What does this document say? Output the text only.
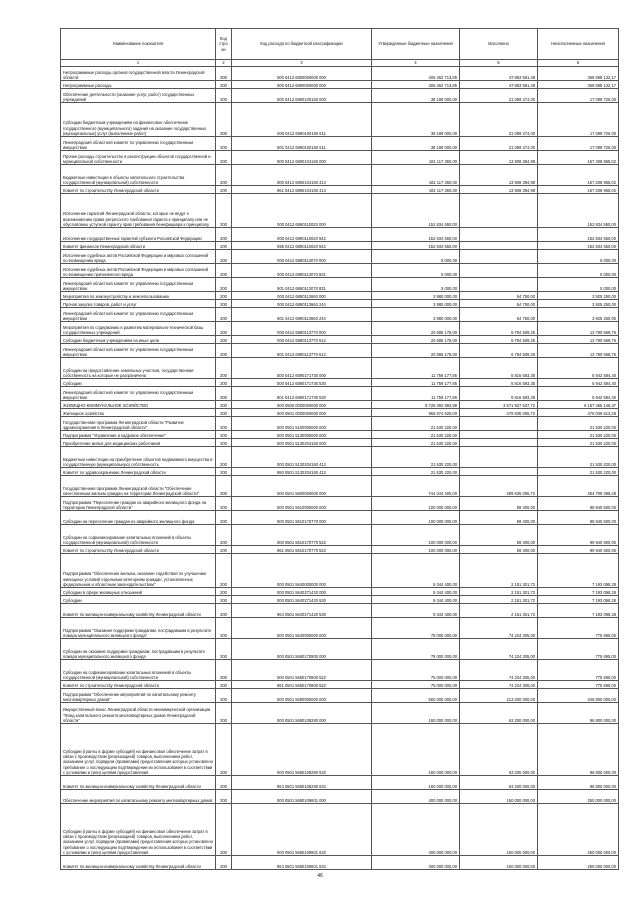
Наименование показателя	Код стро ки	Код расхода по бюджетной классификации	Утвержденные бюджетные назначения	Исполнено	Неисполненные назначения
1	2	3	4	5	6
Непрограммные расходы органов государственной власти Ленинградской области	200	000 0412 6800000000 000	406 462 713,85	47 863 581,48	358 598 132,17
Непрограммные расходы	200	000 0412 6890000000 000	406 462 713,85	47 863 581,48	358 598 132,17
Обеспечение деятельности (оказание услуг, работ) государственных учреждений	200	000 0412 6890100160 000	38 189 000,00	21 089 274,00	17 099 726,00
Субсидии бюджетным учреждениям на финансовое обеспечение государственного (муниципального) задания на оказание государственных (муниципальных) услуг (выполнение работ)	200	000 0412 6890100160 611	38 189 000,00	21 089 274,00	17 099 726,00
Ленинградский областной комитет по управлению государственным имуществом	200	801 0412 6890100160 611	38 189 000,00	21 089 274,00	17 099 726,00
Прочие расходы строительство в реконструкции объектов государственной и муниципальной собственности	200	000 0412 6890104160 000	181 117 360,00	13 908 394,98	167 208 965,02
Бюджетные инвестиции в объекты капитального строительства государственной (муниципальной) собственности	200	000 0412 6890104160 414	181 117 360,00	13 908 394,98	167 208 965,02
Комитет по строительству Ленинградской области	200	961 0412 6890104160 414	181 117 360,00	13 908 394,98	167 208 965,02
Исполнение гарантий Ленинградской области, которые не ведут к возникновению права регрессного требования гаранта к принципалу или не обусловлены уступкой гаранту прав требования бенефициара к принципалу	200	000 0412 6890110020 000	152 834 650,00		152 834 650,00
Исполнение государственных гарантий субъекта Российской Федерации	200	000 0412 6890110020 842	152 834 650,00		152 834 650,00
Комитет финансов Ленинградской области	200	955 0412 6890110020 842	152 834 650,00		152 834 650,00
Исполнение судебных актов Российской Федерации и мировых соглашений по возмещению вреда	200	000 0412 6890113070 000	5 000,00		5 000,00
Исполнение судебных актов Российской Федерации и мировых соглашений по возмещению причиненного вреда	200	000 0412 6890113070 831	5 000,00		5 000,00
Ленинградский областной комитет по управлению государственным имуществом	200	801 0412 6890113070 831	5 000,00		5 000,00
Мероприятия по землеустройству и землепользованию	200	000 0412 6890113660 000	3 980 000,00	54 750,00	3 925 250,00
Прочая закупка товаров, работ и услуг	200	000 0412 6890113660 244	3 980 000,00	54 750,00	3 925 250,00
Ленинградский областной комитет по управлению государственным имуществом	200	801 0412 6890113660 244	3 980 000,00	54 750,00	3 925 250,00
Мероприятия по содержанию и развитию материально-технической базы государственных учреждений	200	000 0412 6890113770 000	20 585 178,00	6 794 509,25	13 790 668,75
Субсидии бюджетным учреждениям на иные цели	200	000 0412 6890113770 612	20 585 178,00	6 794 509,25	13 790 668,75
Ленинградский областной комитет по управлению государственным имуществом	200	801 0412 6890113770 612	20 585 178,00	6 794 509,25	13 790 668,75
Субсидии на предоставление земельных участков, государственная собственность на которые не разграничена	200	000 0412 6890171730 000	11 759 177,85	5 816 593,35	5 942 584,40
Субсидии	200	000 0412 6890171730 530	11 759 177,85	5 816 593,35	5 942 584,40
Ленинградский областной комитет по управлению государственным имуществом	200	801 0412 6890171730 530	11 759 177,85	5 816 593,35	5 942 584,40
ЖИЛИЩНО-КОММУНАЛЬНОЕ ХОЗЯЙСТВО	200	000 0500 0000000000 000	9 729 392 893,99	3 571 927 537,72	6 157 465 146,37
Жилищное хозяйство	200	000 0501 0000000000 000	955 874 625,00	479 835 006,72	476 039 613,28
Государственная программа Ленинградской области "Развитие здравоохранения в Ленинградской области"	200	000 0501 5100000000 000	21 530 220,00		21 530 220,00
Подпрограмма "Управление и кадровое обеспечение"	200	000 0501 5130000000 000	21 530 220,00		21 530 220,00
Приобретение жилья для медицинских работников	200	000 0501 5130204160 000	21 530 220,00		21 530 220,00
Бюджетные инвестиции на приобретение объектов недвижимого имущества в государственную (муниципальную) собственность	200	000 0501 5130204160 412	21 530 220,00		21 530 220,00
Комитет по здравоохранению Ленинградской области	200	980 0501 5130204160 412	21 530 220,00		21 530 220,00
Государственная программа Ленинградской области "Обеспечение качественным жильем граждан на территории Ленинградской области"	200	000 0501 5600000000 000	744 344 405,00	289 635 006,72	454 709 398,28
Подпрограмма "Переселение граждан из аварийного жилищного фонда на территории Ленинградской области"	200	000 0501 5610000000 000	100 000 000,00	59 400,00	99 940 600,00
Субсидии на переселение граждан из аварийного жилищного фонда	200	000 0501 5610170770 000	100 000 000,00	59 400,00	99 940 600,00
Субсидии на софинансирование капитальных вложений в объекты государственной (муниципальной) собственности	200	000 0501 5610170770 522	100 000 000,00	59 400,00	99 940 600,00
Комитет по строительству Ленинградской области	200	961 0501 5610170770 522	100 000 000,00	59 400,00	99 940 600,00
Подпрограмма "Обеспечение жильем, оказание содействия по улучшению жилищных условий отдельным категориям граждан, установленных федеральным и областным законодательством"	200	000 0501 5640000000 000	9 344 400,00	2 151 301,72	7 193 098,28
Субсидии в сфере жилищных отношений	200	000 0501 5640271420 000	9 344 400,00	2 151 301,72	7 193 098,28
Субсидии	200	000 0501 5640271420 530	9 344 400,00	2 151 301,72	7 193 098,28
Комитет по жилищно-коммунальному хозяйству Ленинградской области	200	964 0501 5640271420 530	9 344 400,00	2 151 301,72	7 193 098,28
Подпрограмма "Оказание поддержки гражданам, пострадавшим в результате пожара муниципального жилищного фонда"	200	000 0501 5640000000 000	75 000 000,00	74 224 305,00	775 695,00
Субсидии на оказание поддержки гражданам, пострадавшим в результате пожара муниципального жилищного фонда	200	000 0501 5660170800 000	75 000 000,00	74 224 305,00	775 695,00
Субсидии на софинансирование капитальных вложений в объекты государственной (муниципальной) собственности	200	000 0501 5660170800 522	75 000 000,00	74 224 305,00	775 695,00
Комитет по строительству Ленинградской области	200	961 0501 5660170800 522	75 000 000,00	74 224 305,00	775 695,00
Подпрограмма "Обеспечение мероприятий по капитальному ремонту многоквартирных домов"	200	000 0501 5680000000 000	560 000 000,00	213 200 000,00	346 800 000,00
Имущественный взнос Ленинградской области некоммерческой организации "Фонд капитального ремонта многоквартирных домов Ленинградской области"	200	000 0501 5680108280 000	160 000 000,00	63 200 000,00	96 800 000,00
Субсидии (гранты в форме субсидий) на финансовое обеспечение затрат в связи с производством (реализацией) товаров, выполнением работ, оказанием услуг, порядком (правилами) предоставления которых установлено требование о последующем подтверждении их использования в соответствии с условиями и (или) целями предоставления	200	000 0501 5680108280 632	160 000 000,00	63 200 000,00	96 800 000,00
Комитет по жилищно-коммунальному хозяйству Ленинградской области	200	964 0501 5680108280 632	160 000 000,00	63 200 000,00	96 800 000,00
Обеспечение мероприятий по капитальному ремонту многоквартирных домов	200	000 0501 5680109601 000	400 000 000,00	150 000 000,00	250 000 000,00
Субсидии (гранты в форме субсидий) на финансовое обеспечение затрат в связи с производством (реализацией) товаров, выполнением работ, оказанием услуг, порядком (правилами) предоставления которых установлено требование о последующем подтверждении их использования в соответствии с условиями и (или) целями предоставления	200	000 0501 5680109601 632	400 000 000,00	150 000 000,00	250 000 000,00
Комитет по жилищно-коммунальному хозяйству Ленинградской области	200	964 0501 5680109601 632	400 000 000,00	150 000 000,00	250 000 000,00
46
